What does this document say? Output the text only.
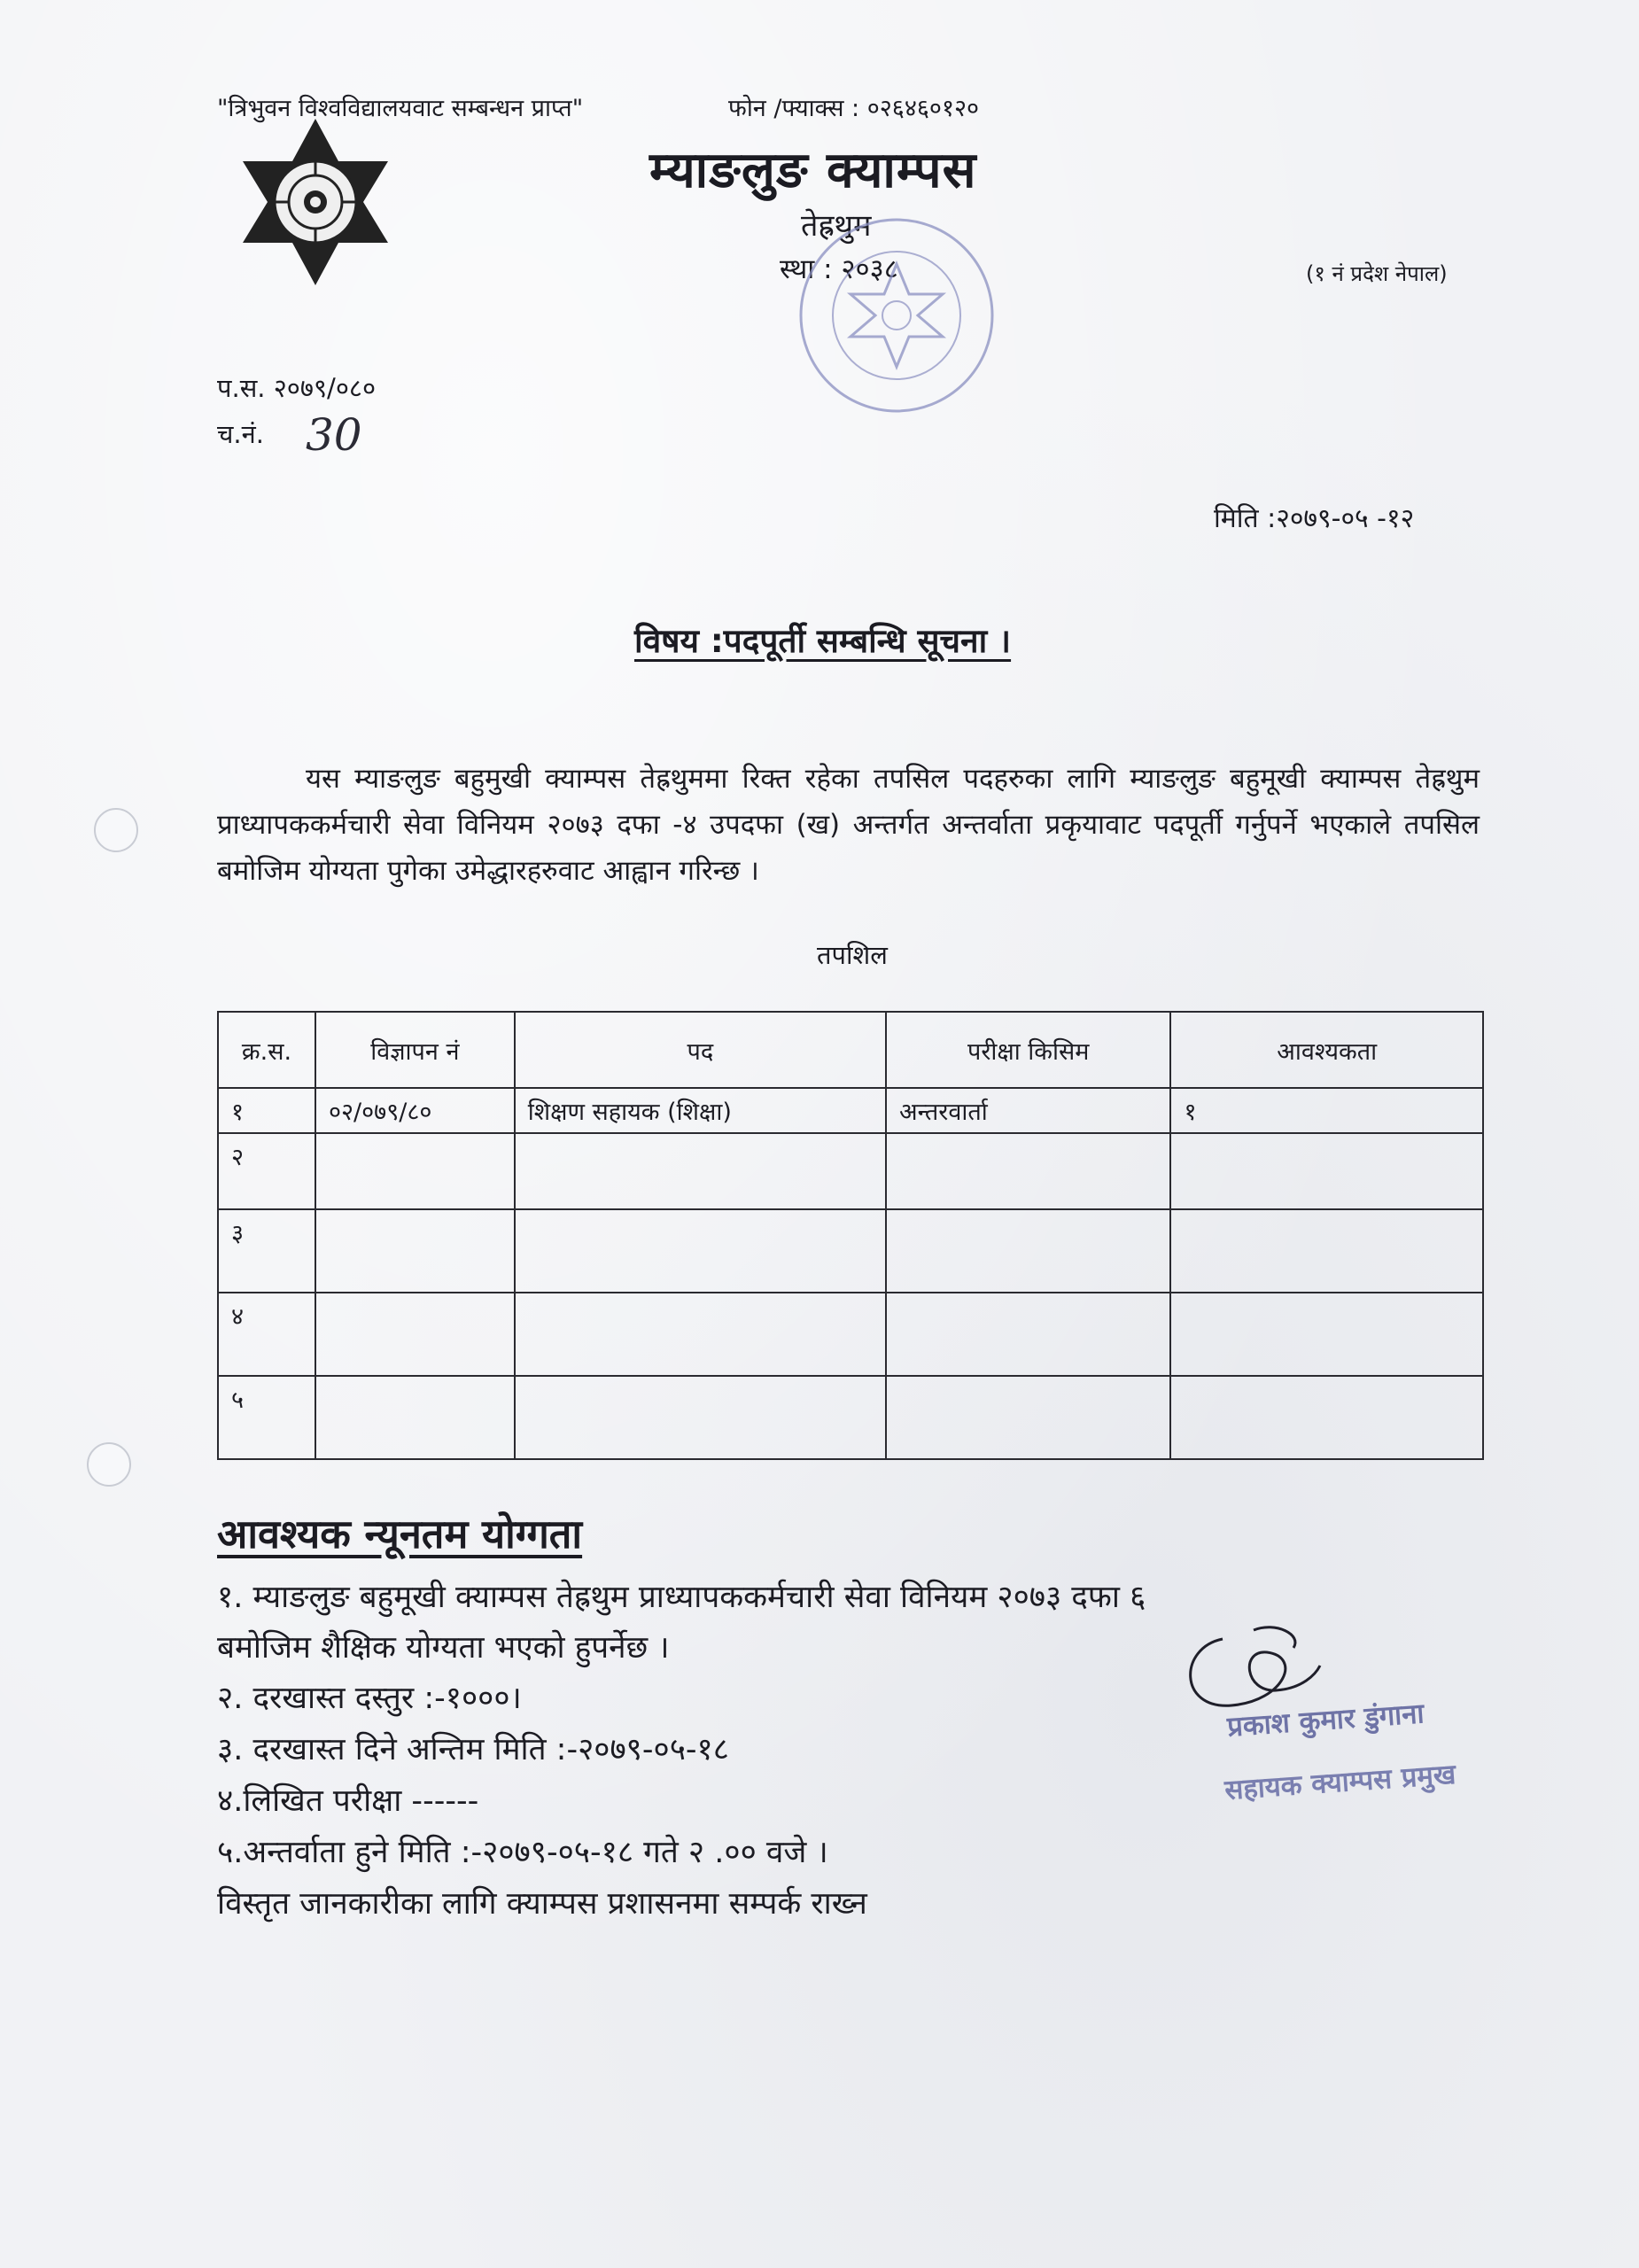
"त्रिभुवन विश्वविद्यालयवाट सम्बन्धन प्राप्त"	फोन /फ्याक्स : ०२६४६०१२०
म्याङलुङ क्याम्पस
तेह्रथुम
स्था : २०३८	(१ नं प्रदेश नेपाल)
प.स. २०७९/०८०
च.नं. 30
मिति :२०७९-०५ -१२
विषय :पदपूर्ती सम्बन्धि सूचना ।
यस म्याङलुङ बहुमुखी क्याम्पस तेह्रथुममा रिक्त रहेका तपसिल पदहरुका लागि म्याङलुङ बहुमूखी क्याम्पस तेह्रथुम प्राध्यापककर्मचारी सेवा विनियम २०७३ दफा -४ उपदफा (ख) अन्तर्गत अन्तर्वाता प्रकृयावाट पदपूर्ती गर्नुपर्ने भएकाले तपसिल बमोजिम योग्यता पुगेका उमेद्धारहरुवाट आह्वान गरिन्छ ।
तपशिल
क्र.स.	विज्ञापन नं	पद	परीक्षा किसिम	आवश्यकता
१	०२/०७९/८०	शिक्षण सहायक (शिक्षा)	अन्तरवार्ता	१
२				
३				
४				
५				
आवश्यक न्यूनतम योग्गता
१. म्याङलुङ बहुमूखी क्याम्पस तेह्रथुम प्राध्यापककर्मचारी सेवा विनियम २०७३ दफा ६
बमोजिम शैक्षिक योग्यता भएको हुपर्नेछ ।
२. दरखास्त दस्तुर :-१०००।
३. दरखास्त दिने अन्तिम मिति :-२०७९-०५-१८
४.लिखित परीक्षा ------
५.अन्तर्वाता हुने मिति :-२०७९-०५-१८ गते २ .०० वजे ।
विस्तृत जानकारीका लागि क्याम्पस प्रशासनमा सम्पर्क राख्न
प्रकाश कुमार डुंगाना
सहायक क्याम्पस प्रमुख
